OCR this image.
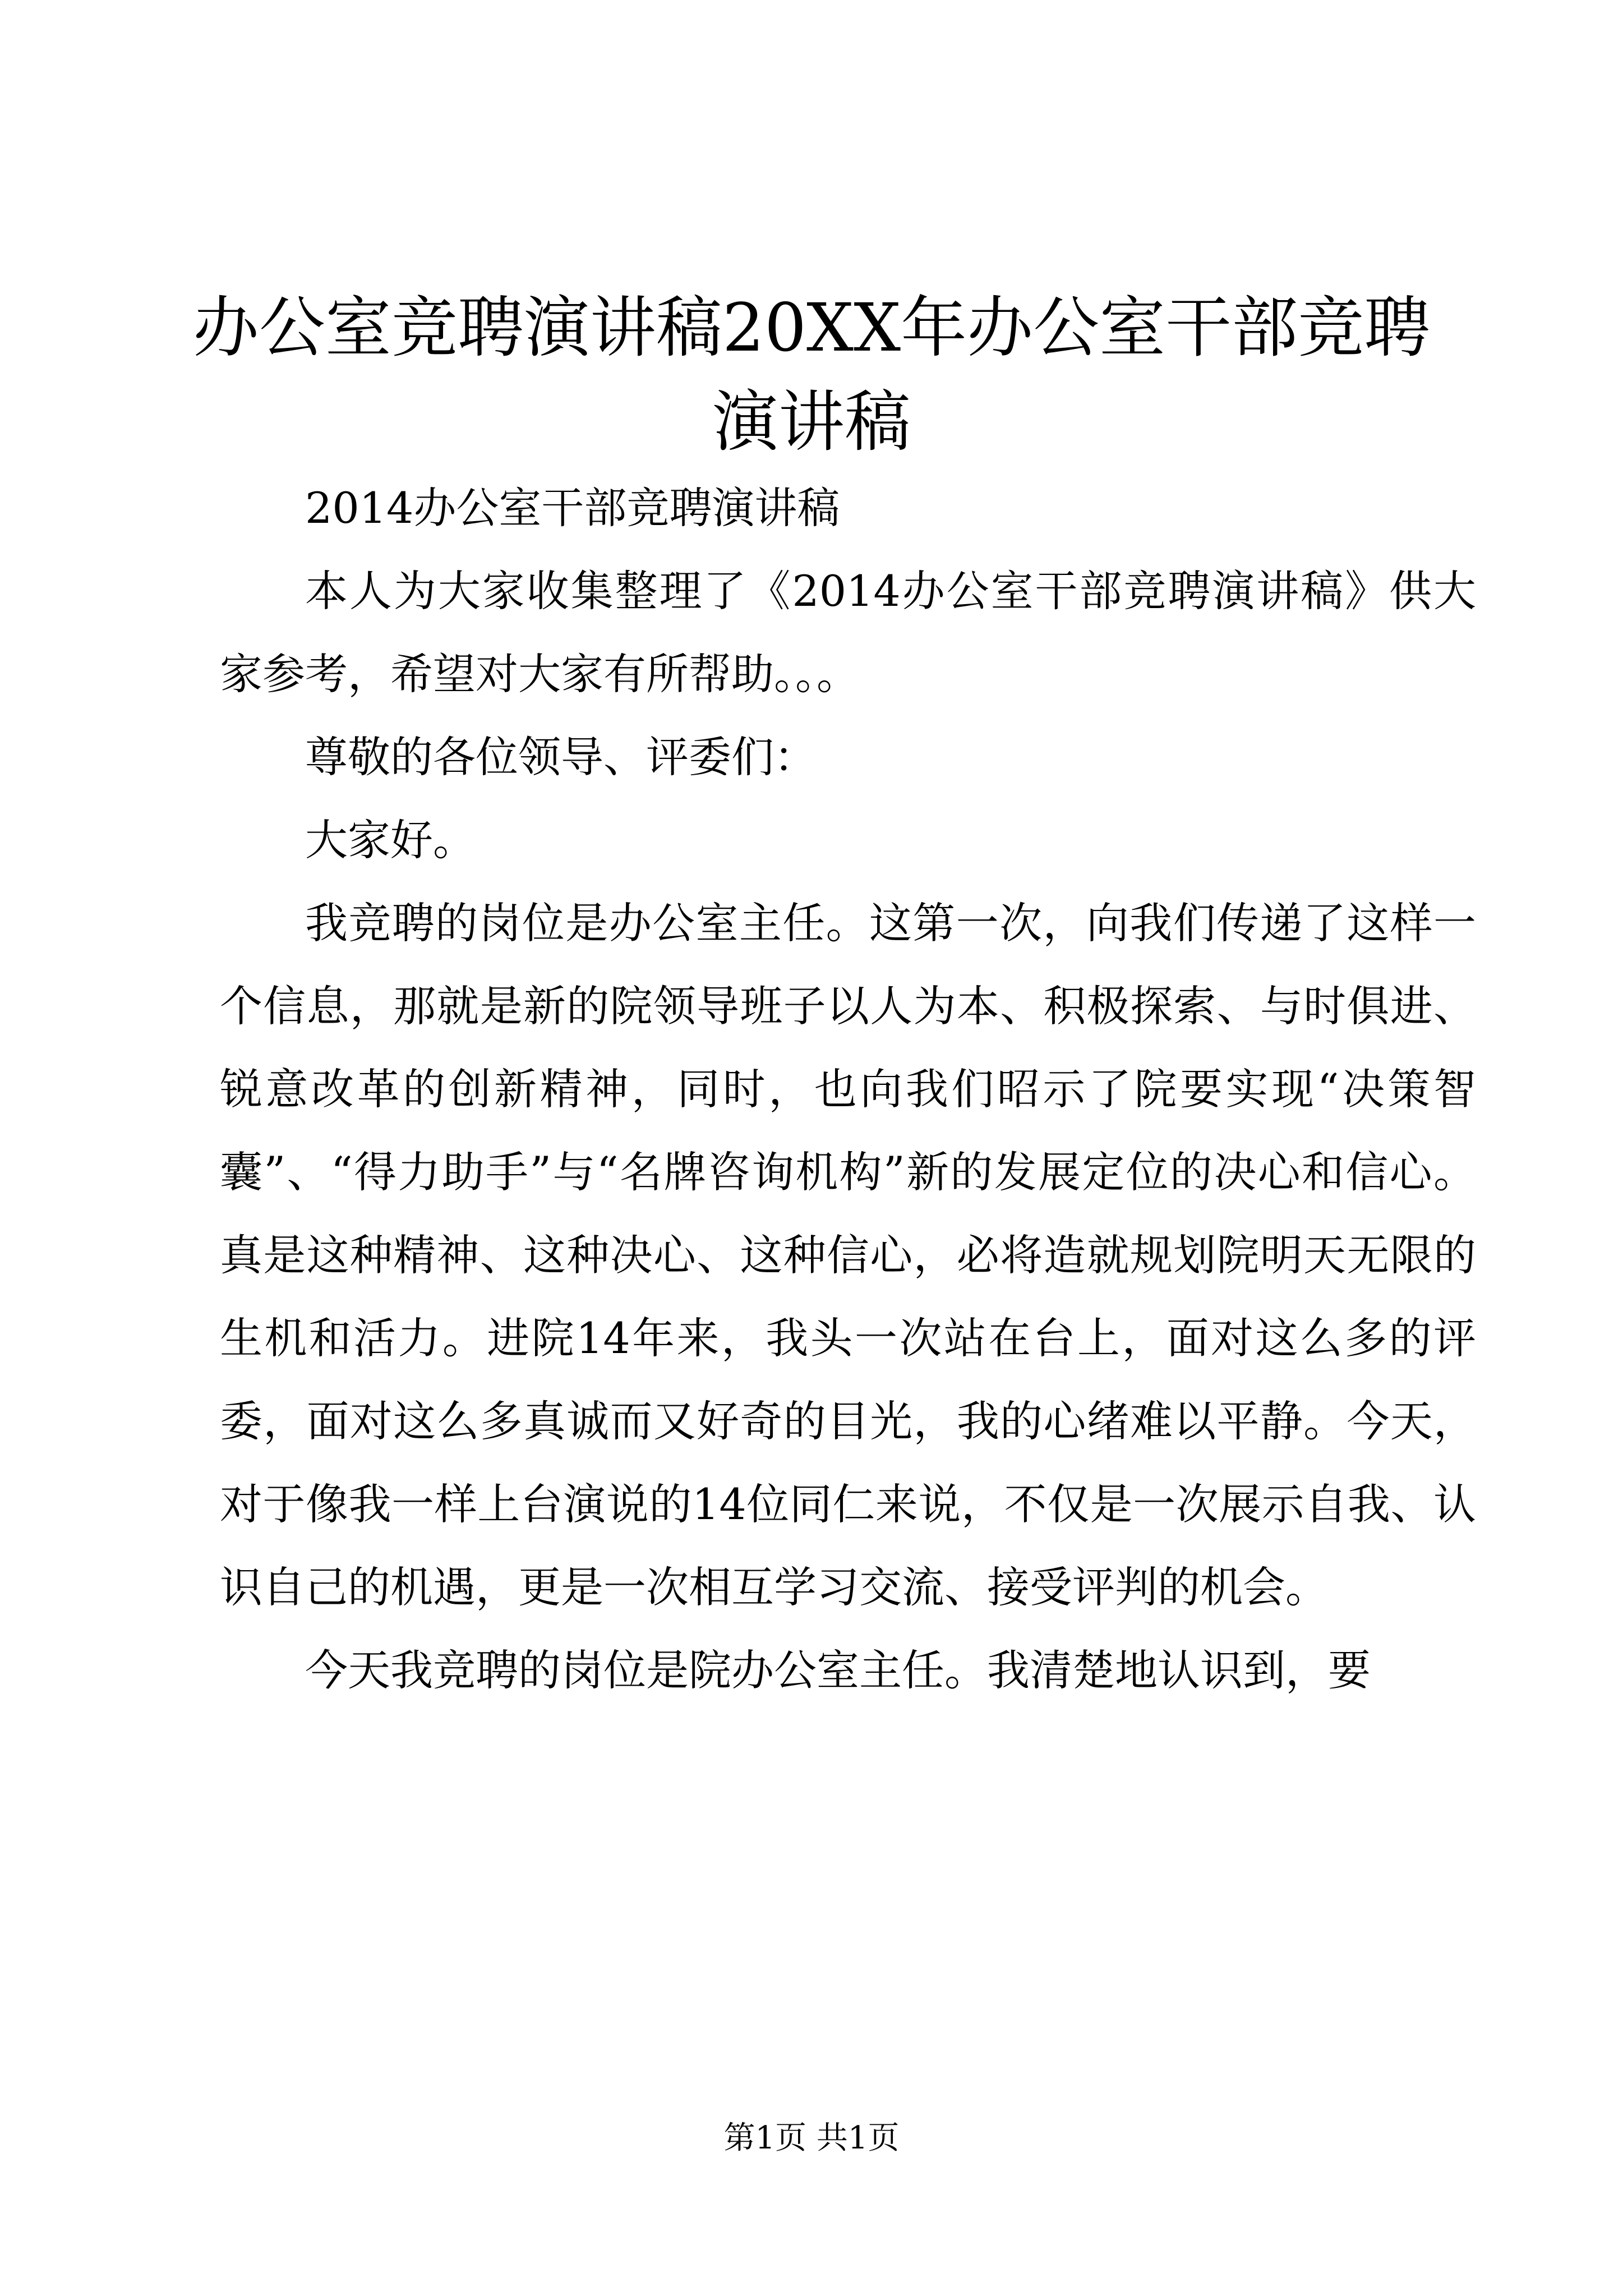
办公室竞聘演讲稿20XX年办公室干部竞聘演讲稿

2014办公室干部竞聘演讲稿

本人为大家收集整理了《2014办公室干部竞聘演讲稿》供大家参考，希望对大家有所帮助。。。

尊敬的各位领导、评委们：

大家好。

我竞聘的岗位是办公室主任。这第一次，向我们传递了这样一个信息，那就是新的院领导班子以人为本、积极探索、与时俱进、锐意改革的创新精神，同时，也向我们昭示了院要实现“决策智囊”、“得力助手”与“名牌咨询机构”新的发展定位的决心和信心。真是这种精神、这种决心、这种信心，必将造就规划院明天无限的生机和活力。进院14年来，我头一次站在台上，面对这么多的评委，面对这么多真诚而又好奇的目光，我的心绪难以平静。今天，对于像我一样上台演说的14位同仁来说，不仅是一次展示自我、认识自己的机遇，更是一次相互学习交流、接受评判的机会。

今天我竞聘的岗位是院办公室主任。我清楚地认识到，要

第1页 共1页
